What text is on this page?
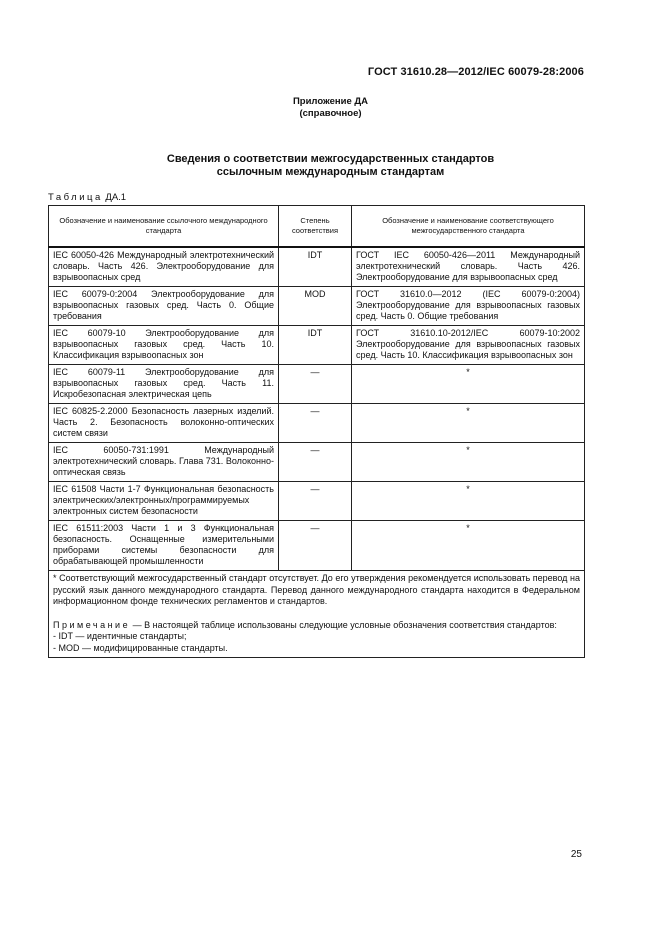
ГОСТ 31610.28—2012/IEC 60079-28:2006
Приложение ДА
(справочное)
Сведения о соответствии межгосударственных стандартов
ссылочным международным стандартам
Таблица ДА.1
Обозначение и наименование ссылочного международного стандарта	Степень соответствия	Обозначение и наименование соответствующего межгосударственного стандарта
IEC 60050-426 Международный электротехнический словарь. Часть 426. Электрооборудование для взрывоопасных сред	IDT	ГОСТ IEC 60050-426—2011 Международный электротехнический словарь. Часть 426. Электрооборудование для взрывоопасных сред
IEC 60079-0:2004 Электрооборудование для взрывоопасных газовых сред. Часть 0. Общие требования	MOD	ГОСТ 31610.0—2012 (IEC 60079-0:2004) Электрооборудование для взрывоопасных газовых сред. Часть 0. Общие требования
IEC 60079-10 Электрооборудование для взрывоопасных газовых сред. Часть 10. Классификация взрывоопасных зон	IDT	ГОСТ 31610.10-2012/IEC 60079-10:2002 Электрооборудование для взрывоопасных газовых сред. Часть 10. Классификация взрывоопасных зон
IEC 60079-11 Электрооборудование для взрывоопасных газовых сред. Часть 11. Искробезопасная электрическая цепь	—	*
IEC 60825-2.2000 Безопасность лазерных изделий. Часть 2. Безопасность волоконно-оптических систем связи	—	*
IEC 60050-731:1991 Международный электротехнический словарь. Глава 731. Волоконно-оптическая связь	—	*
IEC 61508 Части 1-7 Функциональная безопасность электрических/электронных/программируемых электронных систем безопасности	—	*
IEC 61511:2003 Части 1 и 3 Функциональная безопасность. Оснащенные измерительными приборами системы безопасности для обрабатывающей промышленности	—	*

* Соответствующий межгосударственный стандарт отсутствует. До его утверждения рекомендуется использовать перевод на русский язык данного международного стандарта. Перевод данного международного стандарта находится в Федеральном информационном фонде технических регламентов и стандартов.

Примечание — В настоящей таблице использованы следующие условные обозначения соответствия стандартов:

- IDT — идентичные стандарты;

- MOD — модифицированные стандарты.		

25
